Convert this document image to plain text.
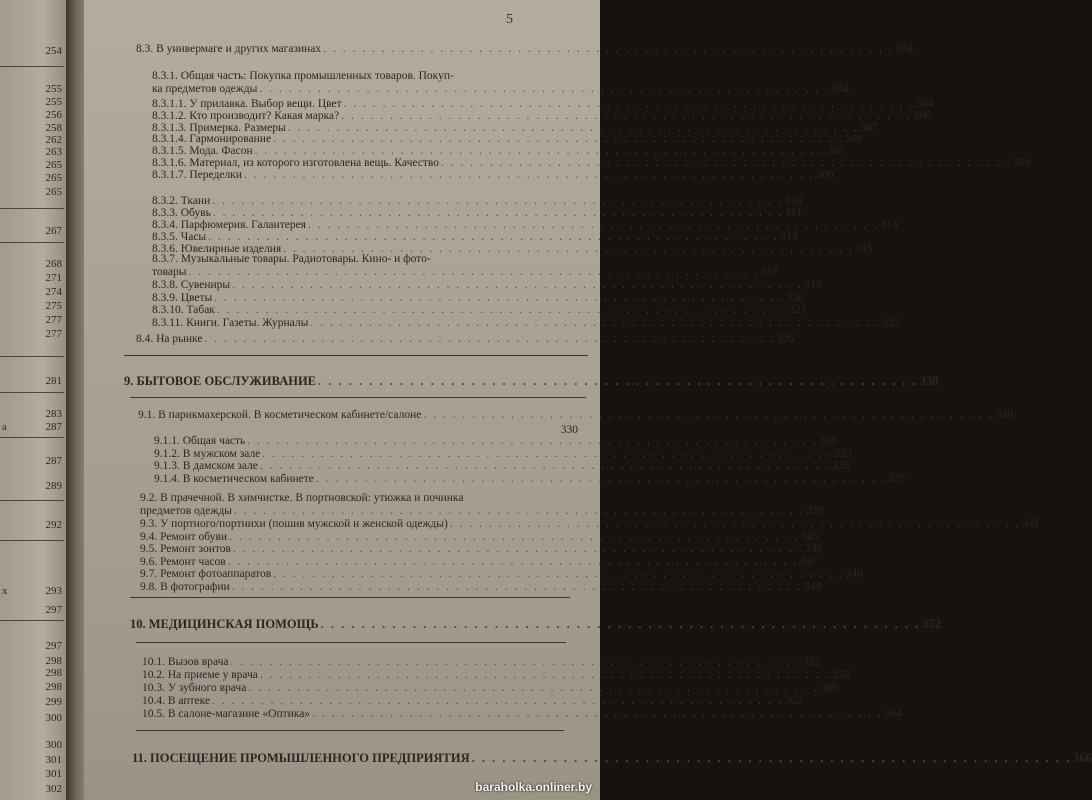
254
255
255
256
258
262
263
265
265
265
267
268
271
274
275
277
277
281
283
а	287
287
289
292
х	293
297
297
298
298
298
299
300
300
301
301
302
5
8.3. В универмаге и других магазинах . . . . . . . . . . . . . . . . . . . . . . . . . . . . . . . . . . . . . . . . . . . . . . . . . . . . . . . . . . . 304
8.3.1. Общая часть: Покупка промышленных товаров. Покуп-
ка предметов одежды . . . . . . . . . . . . . . . . . . . . . . . . . . . . . . . . . . . . . . . . . . . . . . . . . . . . . . . . . . . 304
8.3.1.1. У прилавка. Выбор вещи. Цвет . . . . . . . . . . . . . . . . . . . . . . . . . . . . . . . . . . . . . . . . . . . . . . . . . . . . . . . . . . . 304
8.3.1.2. Кто производит? Какая марка? . . . . . . . . . . . . . . . . . . . . . . . . . . . . . . . . . . . . . . . . . . . . . . . . . . . . . . . . . . . 306
8.3.1.3. Примерка. Размеры . . . . . . . . . . . . . . . . . . . . . . . . . . . . . . . . . . . . . . . . . . . . . . . . . . . . . . . . . . . 307
8.3.1.4. Гармонирование . . . . . . . . . . . . . . . . . . . . . . . . . . . . . . . . . . . . . . . . . . . . . . . . . . . . . . . . . . . 308
8.3.1.5. Мода. Фасон . . . . . . . . . . . . . . . . . . . . . . . . . . . . . . . . . . . . . . . . . . . . . . . . . . . . . . . . . . . 308
8.3.1.6. Материал, из которого изготовлена вещь. Качество . . . . . . . . . . . . . . . . . . . . . . . . . . . . . . . . . . . . . . . . . . . . . . . . . . . . . . . . . . . 309
8.3.1.7. Переделки . . . . . . . . . . . . . . . . . . . . . . . . . . . . . . . . . . . . . . . . . . . . . . . . . . . . . . . . . . . 309
8.3.2. Ткани . . . . . . . . . . . . . . . . . . . . . . . . . . . . . . . . . . . . . . . . . . . . . . . . . . . . . . . . . . . 310
8.3.3. Обувь . . . . . . . . . . . . . . . . . . . . . . . . . . . . . . . . . . . . . . . . . . . . . . . . . . . . . . . . . . . 311
8.3.4. Парфюмерия. Галантерея . . . . . . . . . . . . . . . . . . . . . . . . . . . . . . . . . . . . . . . . . . . . . . . . . . . . . . . . . . . 313
8.3.5. Часы . . . . . . . . . . . . . . . . . . . . . . . . . . . . . . . . . . . . . . . . . . . . . . . . . . . . . . . . . . . 314
8.3.6. Ювелирные изделия . . . . . . . . . . . . . . . . . . . . . . . . . . . . . . . . . . . . . . . . . . . . . . . . . . . . . . . . . . . 315
8.3.7. Музыкальные товары. Радиотовары. Кино- и фото-
товары . . . . . . . . . . . . . . . . . . . . . . . . . . . . . . . . . . . . . . . . . . . . . . . . . . . . . . . . . . . 317
8.3.8. Сувениры . . . . . . . . . . . . . . . . . . . . . . . . . . . . . . . . . . . . . . . . . . . . . . . . . . . . . . . . . . . 319
8.3.9. Цветы . . . . . . . . . . . . . . . . . . . . . . . . . . . . . . . . . . . . . . . . . . . . . . . . . . . . . . . . . . . 320
8.3.10. Табак . . . . . . . . . . . . . . . . . . . . . . . . . . . . . . . . . . . . . . . . . . . . . . . . . . . . . . . . . . . 321
8.3.11. Книги. Газеты. Журналы . . . . . . . . . . . . . . . . . . . . . . . . . . . . . . . . . . . . . . . . . . . . . . . . . . . . . . . . . . . 322
8.4. На рынке . . . . . . . . . . . . . . . . . . . . . . . . . . . . . . . . . . . . . . . . . . . . . . . . . . . . . . . . . . . 326
9. БЫТОВОЕ ОБСЛУЖИВАНИЕ . . . . . . . . . . . . . . . . . . . . . . . . . . . . . . . . . . . . . . . . . . . . . . . . . . . . . . . . . . . 330
9.1. В парикмахерской. В косметическом кабинете/салоне . . . . . . . . . . . . . . . . . . . . . . . . . . . . . . . . . . . . . . . . . . . . . . . . . . . . . . . . . . . 330
330
9.1.1. Общая часть . . . . . . . . . . . . . . . . . . . . . . . . . . . . . . . . . . . . . . . . . . . . . . . . . . . . . . . . . . . 330
9.1.2. В мужском зале . . . . . . . . . . . . . . . . . . . . . . . . . . . . . . . . . . . . . . . . . . . . . . . . . . . . . . . . . . . 333
9.1.3. В дамском зале . . . . . . . . . . . . . . . . . . . . . . . . . . . . . . . . . . . . . . . . . . . . . . . . . . . . . . . . . . . 335
9.1.4. В косметическом кабинете . . . . . . . . . . . . . . . . . . . . . . . . . . . . . . . . . . . . . . . . . . . . . . . . . . . . . . . . . . . 337
9.2. В прачечной. В химчистке. В портновской: утюжка и починка
предметов одежды . . . . . . . . . . . . . . . . . . . . . . . . . . . . . . . . . . . . . . . . . . . . . . . . . . . . . . . . . . . 339
9.3. У портного/портнихи (пошив мужской и женской одежды) . . . . . . . . . . . . . . . . . . . . . . . . . . . . . . . . . . . . . . . . . . . . . . . . . . . . . . . . . . . 341
9.4. Ремонт обуви . . . . . . . . . . . . . . . . . . . . . . . . . . . . . . . . . . . . . . . . . . . . . . . . . . . . . . . . . . . 345
9.5. Ремонт зонтов . . . . . . . . . . . . . . . . . . . . . . . . . . . . . . . . . . . . . . . . . . . . . . . . . . . . . . . . . . . 346
9.6. Ремонт часов . . . . . . . . . . . . . . . . . . . . . . . . . . . . . . . . . . . . . . . . . . . . . . . . . . . . . . . . . . . 347
9.7. Ремонт фотоаппаратов . . . . . . . . . . . . . . . . . . . . . . . . . . . . . . . . . . . . . . . . . . . . . . . . . . . . . . . . . . . 348
9.8. В фотографии . . . . . . . . . . . . . . . . . . . . . . . . . . . . . . . . . . . . . . . . . . . . . . . . . . . . . . . . . . . 349
10. МЕДИЦИНСКАЯ ПОМОЩЬ . . . . . . . . . . . . . . . . . . . . . . . . . . . . . . . . . . . . . . . . . . . . . . . . . . . . . . . . . . . 352
10.1. Вызов врача . . . . . . . . . . . . . . . . . . . . . . . . . . . . . . . . . . . . . . . . . . . . . . . . . . . . . . . . . . . 352
10.2. На приеме у врача . . . . . . . . . . . . . . . . . . . . . . . . . . . . . . . . . . . . . . . . . . . . . . . . . . . . . . . . . . . 353
10.3. У зубного врача . . . . . . . . . . . . . . . . . . . . . . . . . . . . . . . . . . . . . . . . . . . . . . . . . . . . . . . . . . . 360
10.4. В аптеке . . . . . . . . . . . . . . . . . . . . . . . . . . . . . . . . . . . . . . . . . . . . . . . . . . . . . . . . . . . 362
10.5. В салоне-магазине «Оптика» . . . . . . . . . . . . . . . . . . . . . . . . . . . . . . . . . . . . . . . . . . . . . . . . . . . . . . . . . . . 364
11. ПОСЕЩЕНИЕ ПРОМЫШЛЕННОГО ПРЕДПРИЯТИЯ . . . . . . . . . . . . . . . . . . . . . . . . . . . . . . . . . . . . . . . . . . . . . . . . . . . . . . . . . . . 366
baraholka.onliner.by
